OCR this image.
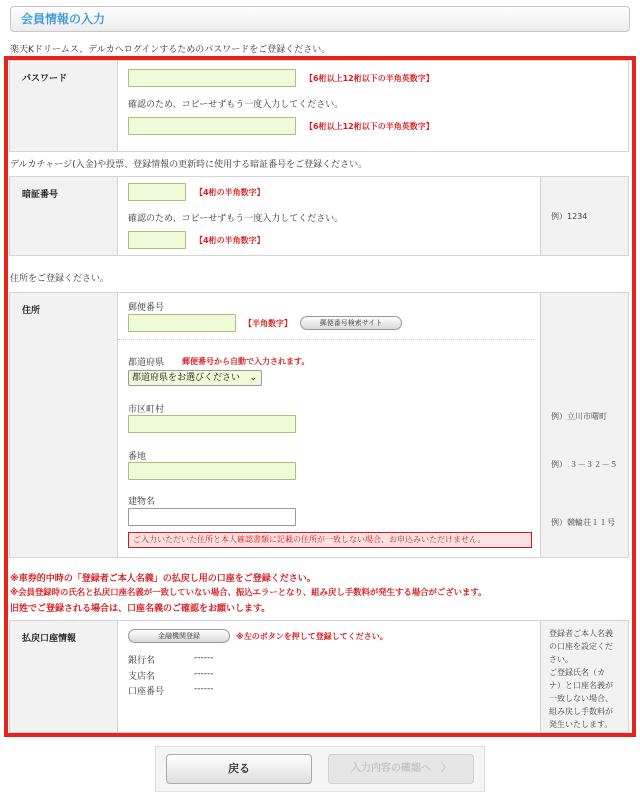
会員情報の入力
楽天Kドリームス、デルカへログインするためのパスワードをご登録ください。
パスワード	【6桁以上12桁以下の半角英数字】
確認のため、コピーせずもう一度入力してください。
【6桁以上12桁以下の半角英数字】
デルカチャージ(入金)や投票、登録情報の更新時に使用する暗証番号をご登録ください。
暗証番号	【4桁の半角数字】
確認のため、コピーせずもう一度入力してください。
【4桁の半角数字】
例）1234
住所をご登録ください。
住所	郵便番号
【半角数字】	郵便番号検索サイト
都道府県 郵便番号から自動で入力されます。
都道府県をお選びください ⌄
市区町村
例）立川市曙町
番地
例） ３－３２－５
建物名
例）競輪荘１１号
ご入力いただいた住所と本人確認書類に記載の住所が一致しない場合、お申込みいただけません。
※車券的中時の「登録者ご本人名義」の払戻し用の口座をご登録ください。
※会員登録時の氏名と払戻口座名義が一致していない場合、振込エラーとなり、組み戻し手数料が発生する場合がございます。
旧姓でご登録される場合は、口座名義のご確認をお願いします。
払戻口座情報	金融機関登録	※左のボタンを押して登録してください。
銀行名	------
支店名	------
口座番号	------
登録者ご本人名義
の口座を設定くだ
さい。
ご登録氏名（カ
ナ）と口座名義が
一致しない場合、
組み戻し手数料が
発生いたします。
戻る	入力内容の確認へ　〉
